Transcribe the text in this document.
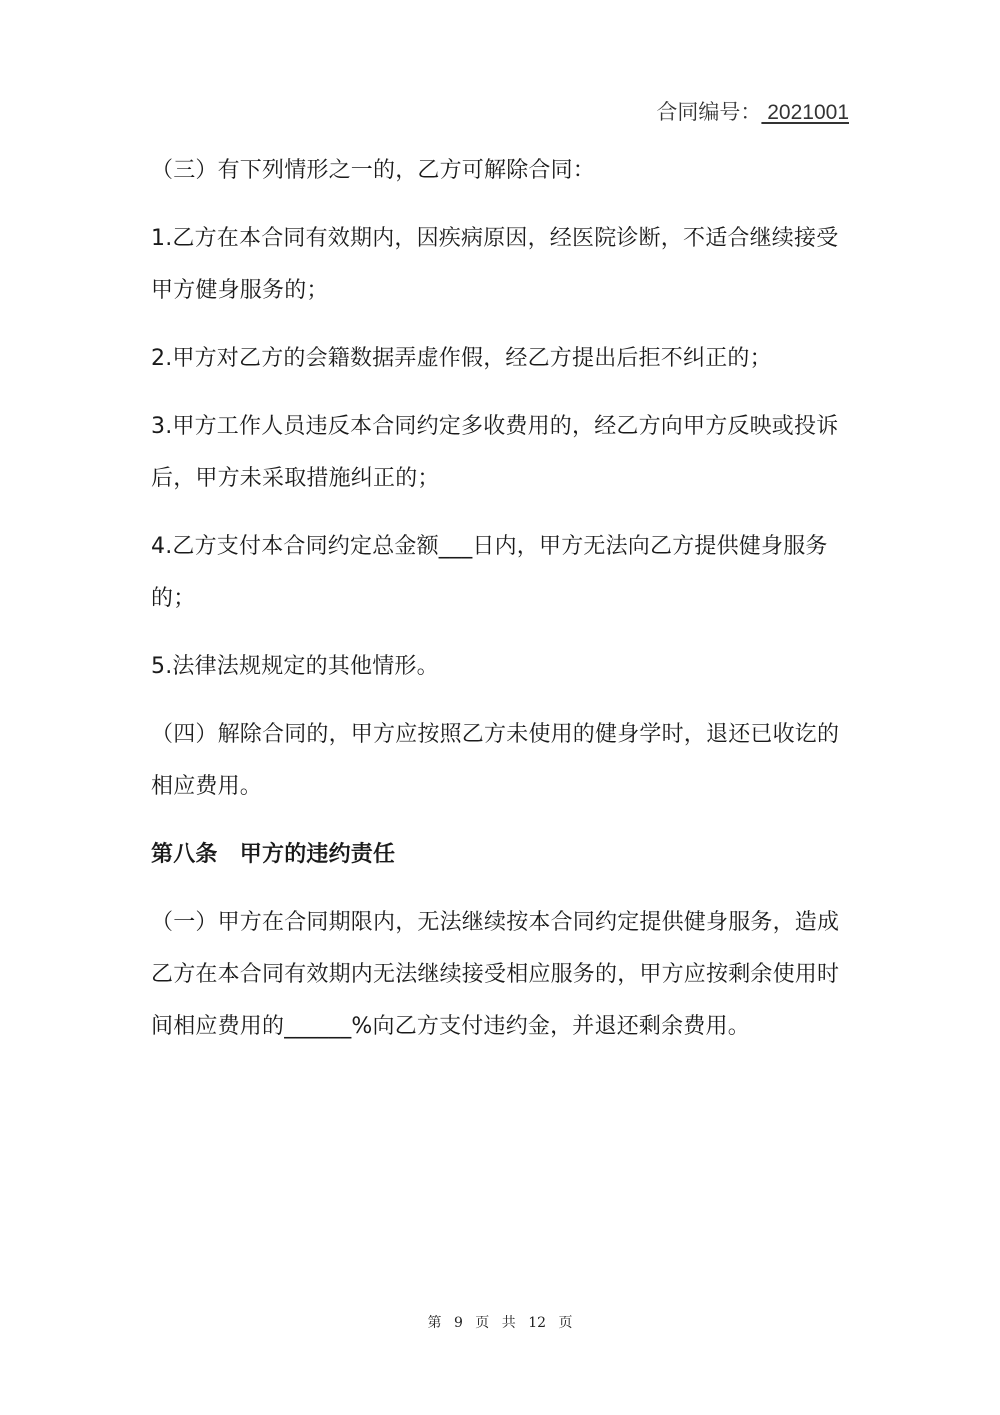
合同编号： 2021001

（三）有下列情形之一的，乙方可解除合同：

1.乙方在本合同有效期内，因疾病原因，经医院诊断，不适合继续接受甲方健身服务的；

2.甲方对乙方的会籍数据弄虚作假，经乙方提出后拒不纠正的；

3.甲方工作人员违反本合同约定多收费用的，经乙方向甲方反映或投诉后，甲方未采取措施纠正的；

4.乙方支付本合同约定总金额___日内，甲方无法向乙方提供健身服务的；

5.法律法规规定的其他情形。

（四）解除合同的，甲方应按照乙方未使用的健身学时，退还已收讫的相应费用。

第八条　甲方的违约责任

（一）甲方在合同期限内，无法继续按本合同约定提供健身服务，造成乙方在本合同有效期内无法继续接受相应服务的，甲方应按剩余使用时间相应费用的______%向乙方支付违约金，并退还剩余费用。

第 9 页 共 12 页
